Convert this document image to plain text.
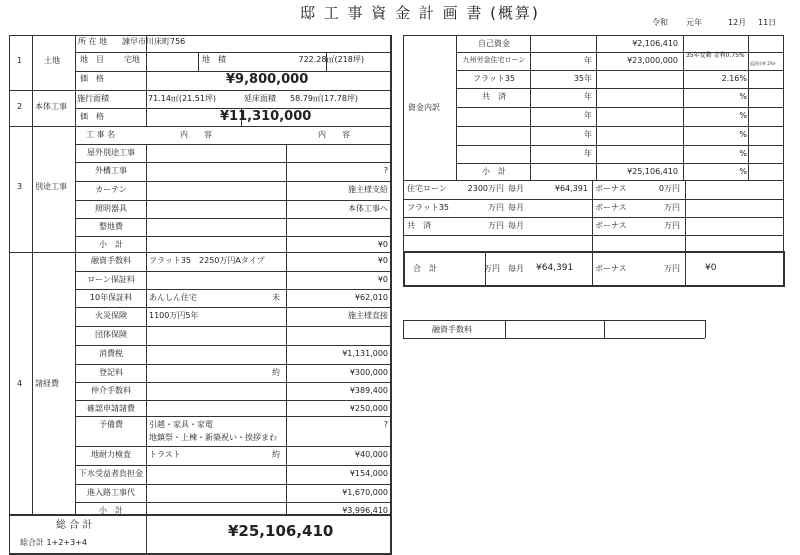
邸 工 事 資 金 計 画 書 (概算)
令和 元年	12月 11日
1	土地
所 在 地 諫早市川床町756
地　目	宅地	地　積	722.28㎡(218坪)
価　格	¥9,800,000
2 本体工事
施行面積	71.14㎡(21.51坪)	延床面積 58.79㎡(17.78坪)
価　格	¥11,310,000
3 別途工事
工 事 名	内　　容	内　　容
屋外別途工事
外構工事	?
カーテン	施主様支給
照明器具	本体工事へ
整地費
小　計	¥0
4 諸経費
融資手数料	フラット35　2250万円Aタイプ	¥0
ローン保証料	¥0
10年保証料	あんしん住宅	未	¥62,010
火災保険	1100万円5年	施主様直接
団体保険
消費税	¥1,131,000
登記料	約	¥300,000
仲介手数料	¥389,400
確認申請諸費	¥250,000
予備費	引越・家具・家電
地鎮祭・上棟・新築祝い・挨拶まわ
?
地耐力検査	トラスト	約	¥40,000
下水受益者負担金	¥154,000
進入路工事代	¥1,670,000
小　計	¥3,996,410
総 合 計
総合計 1+2+3+4
¥25,106,410
資金内訳
自己資金	¥2,106,410
九州労金住宅ローン	年	¥23,000,000
35年変動 金利0.75%
返済比率 2%ﾁ
フラット35	35年	2.16%
共　済	年	%
年	%
年	%
年	%
小　計	¥25,106,410	%
住宅ローン	2300万円 毎月	¥64,391 ボーナス	0万円
フラット35	万円 毎月	ボーナス	万円
共　済	万円 毎月	ボーナス	万円
合　計	万円 毎月 ¥64,391	ボーナス	万円	¥0
融資手数料
